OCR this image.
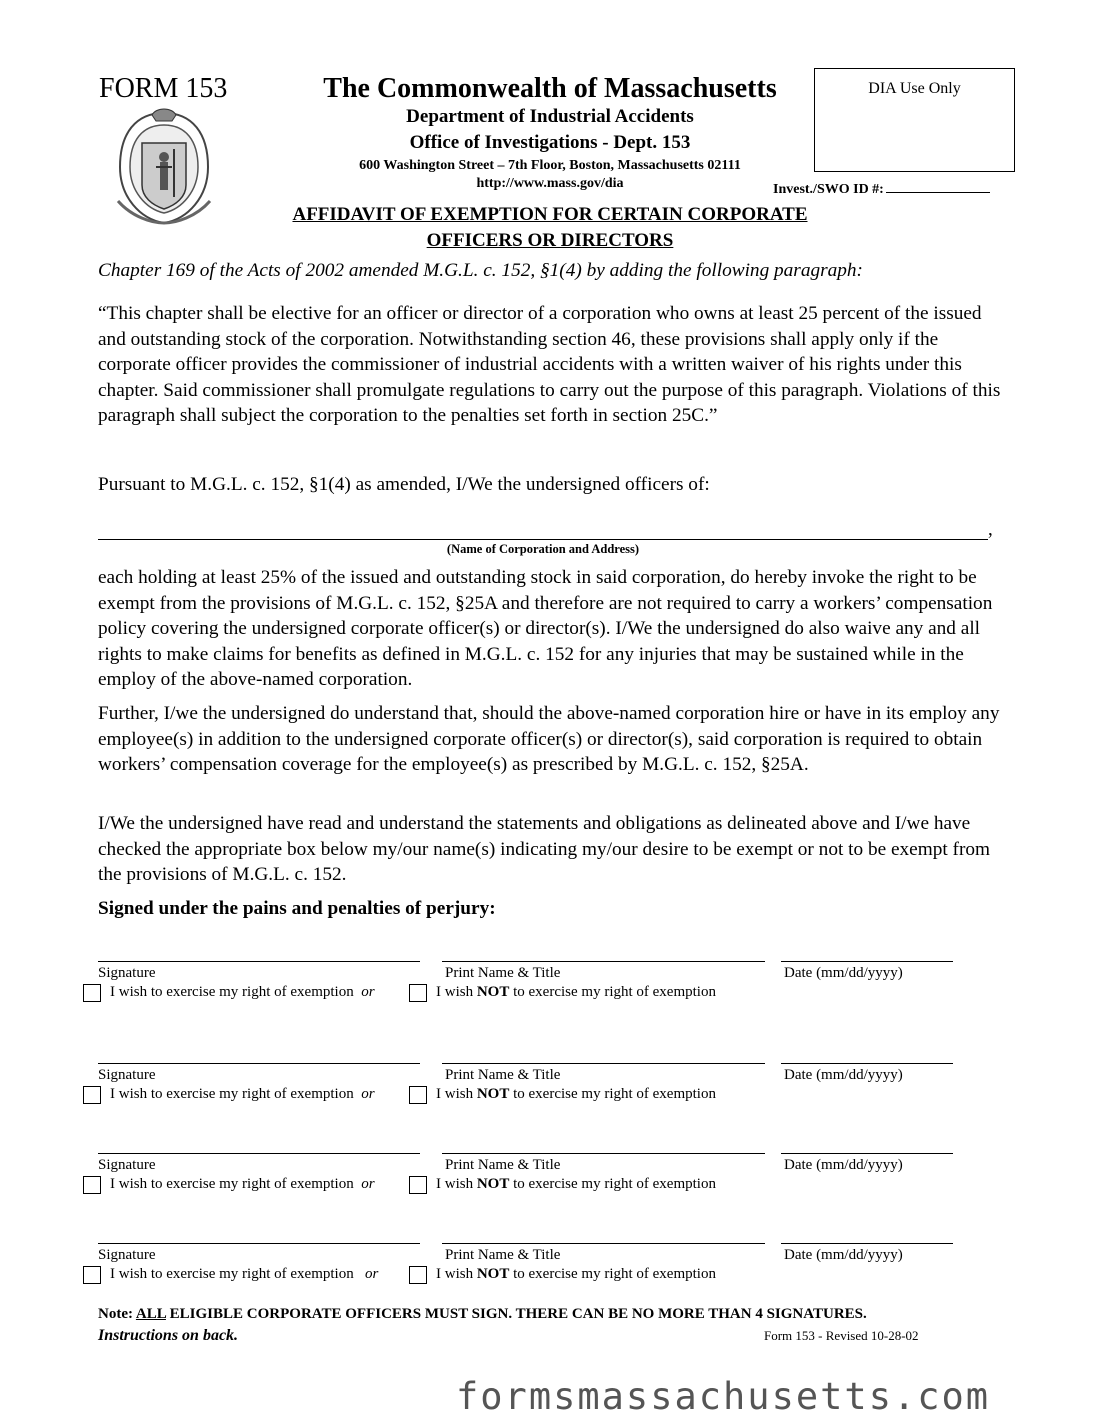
FORM 153	The Commonwealth of Massachusetts
Department of Industrial Accidents
Office of Investigations - Dept. 153
600 Washington Street – 7th Floor, Boston, Massachusetts 02111
http://www.mass.gov/dia
DIA Use Only
Invest./SWO ID #:
AFFIDAVIT OF EXEMPTION FOR CERTAIN CORPORATE
OFFICERS OR DIRECTORS
Chapter 169 of the Acts of 2002 amended M.G.L. c. 152, §1(4) by adding the following paragraph:
“This chapter shall be elective for an officer or director of a corporation who owns at least 25 percent of the issued and outstanding stock of the corporation. Notwithstanding section 46, these provisions shall apply only if the corporate officer provides the commissioner of industrial accidents with a written waiver of his rights under this chapter. Said commissioner shall promulgate regulations to carry out the purpose of this paragraph. Violations of this paragraph shall subject the corporation to the penalties set forth in section 25C.”
Pursuant to M.G.L. c. 152, §1(4) as amended, I/We the undersigned officers of:
,
(Name of Corporation and Address)
each holding at least 25% of the issued and outstanding stock in said corporation, do hereby invoke the right to be exempt from the provisions of M.G.L. c. 152, §25A and therefore are not required to carry a workers’ compensation policy covering the undersigned corporate officer(s) or director(s). I/We the undersigned do also waive any and all rights to make claims for benefits as defined in M.G.L. c. 152 for any injuries that may be sustained while in the employ of the above-named corporation.
Further, I/we the undersigned do understand that, should the above-named corporation hire or have in its employ any employee(s) in addition to the undersigned corporate officer(s) or director(s), said corporation is required to obtain workers’ compensation coverage for the employee(s) as prescribed by M.G.L. c. 152, §25A.
I/We the undersigned have read and understand the statements and obligations as delineated above and I/we have checked the appropriate box below my/our name(s) indicating my/our desire to be exempt or not to be exempt from the provisions of M.G.L. c. 152.
Signed under the pains and penalties of perjury:
Signature	Print Name & Title	Date (mm/dd/yyyy)
I wish to exercise my right of exemption or	I wish NOT to exercise my right of exemption
Signature	Print Name & Title	Date (mm/dd/yyyy)
I wish to exercise my right of exemption or	I wish NOT to exercise my right of exemption
Signature	Print Name & Title	Date (mm/dd/yyyy)
I wish to exercise my right of exemption or	I wish NOT to exercise my right of exemption
Signature	Print Name & Title	Date (mm/dd/yyyy)
I wish to exercise my right of exemption or	I wish NOT to exercise my right of exemption
Note: ALL ELIGIBLE CORPORATE OFFICERS MUST SIGN. THERE CAN BE NO MORE THAN 4 SIGNATURES. Instructions on back.	Form 153 - Revised 10-28-02
formsmassachusetts.com
